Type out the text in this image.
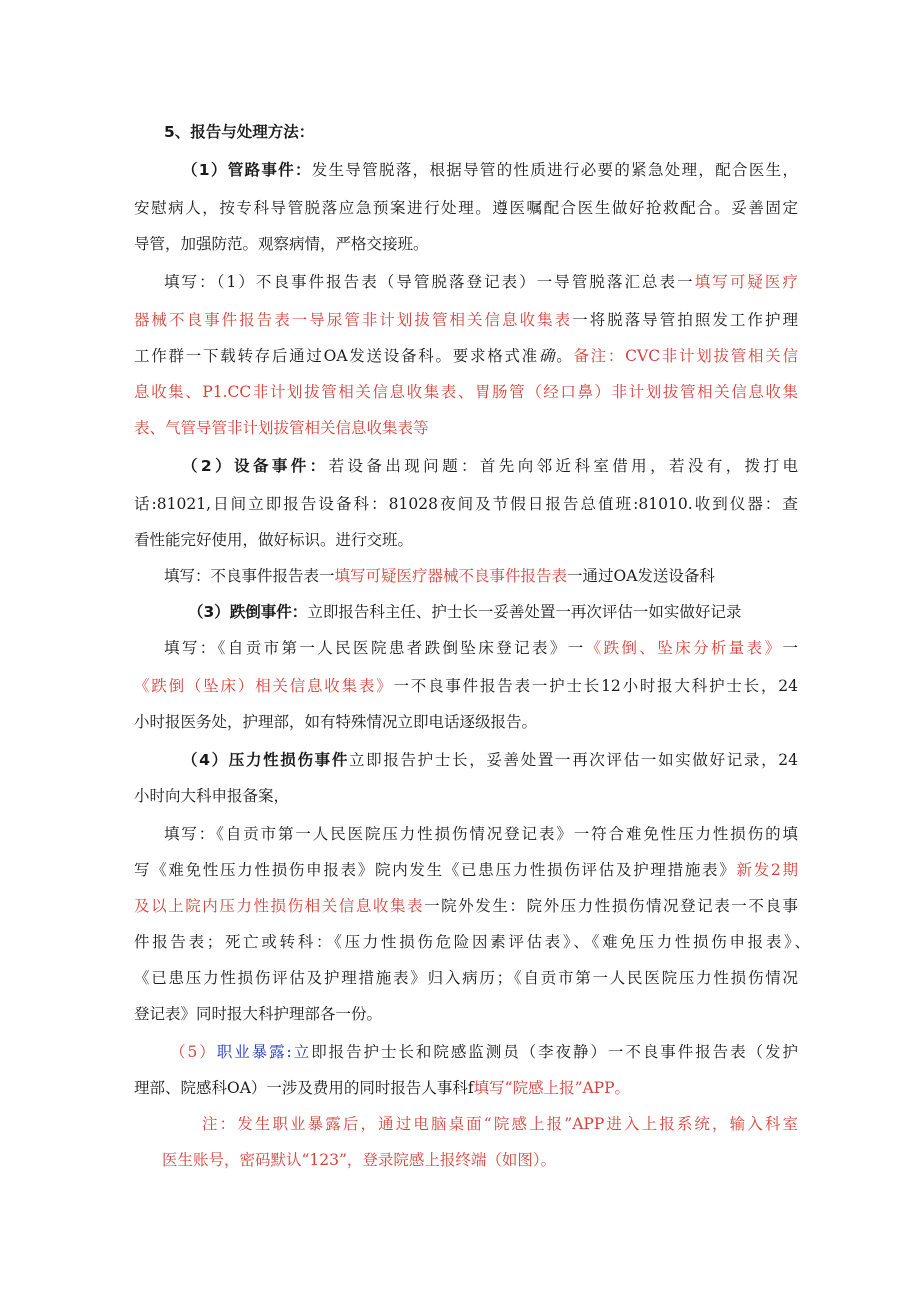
5、报告与处理方法：
（1）管路事件：发生导管脱落，根据导管的性质进行必要的紧急处理，配合医生，
安慰病人，按专科导管脱落应急预案进行处理。遵医嘱配合医生做好抢救配合。妥善固定
导管，加强防范。观察病情，严格交接班。
填写：（1）不良事件报告表（导管脱落登记表）一导管脱落汇总表一填写可疑医疗
器械不良事件报告表一导尿管非计划拔管相关信息收集表一将脱落导管拍照发工作护理
工作群一下载转存后通过OA发送设备科。要求格式准确。备注：CVC非计划拔管相关信
息收集、P1.CC非计划拔管相关信息收集表、胃肠管（经口鼻）非计划拔管相关信息收集
表、气管导管非计划拔管相关信息收集表等
（2）设备事件：若设备出现问题：首先向邻近科室借用，若没有，拨打电
话:81021,日间立即报告设备科：81028夜间及节假日报告总值班:81010.收到仪器：查
看性能完好使用，做好标识。进行交班。
填写：不良事件报告表一填写可疑医疗器械不良事件报告表一通过OA发送设备科
（3）跌倒事件：立即报告科主任、护士长一妥善处置一再次评估一如实做好记录
填写：《自贡市第一人民医院患者跌倒坠床登记表》一《跌倒、坠床分析量表》一
《跌倒（坠床）相关信息收集表》一不良事件报告表一护士长12小时报大科护士长，24
小时报医务处，护理部，如有特殊情况立即电话逐级报告。
（4）压力性损伤事件立即报告护士长，妥善处置一再次评估一如实做好记录，24
小时向大科申报备案，
填写：《自贡市第一人民医院压力性损伤情况登记表》一符合难免性压力性损伤的填
写《难免性压力性损伤申报表》院内发生《已患压力性损伤评估及护理措施表》新发2期
及以上院内压力性损伤相关信息收集表一院外发生：院外压力性损伤情况登记表一不良事
件报告表；死亡或转科：《压力性损伤危险因素评估表》、《难免压力性损伤申报表》、
《已患压力性损伤评估及护理措施表》归入病历；《自贡市第一人民医院压力性损伤情况
登记表》同时报大科护理部各一份。
（5）职业暴露:立即报告护士长和院感监测员（李夜静）一不良事件报告表（发护
理部、院感科OA）一涉及费用的同时报告人事科f填写“院感上报”APP。
注：发生职业暴露后，通过电脑桌面“院感上报”APP进入上报系统，输入科室
医生账号，密码默认“123”，登录院感上报终端（如图）。
